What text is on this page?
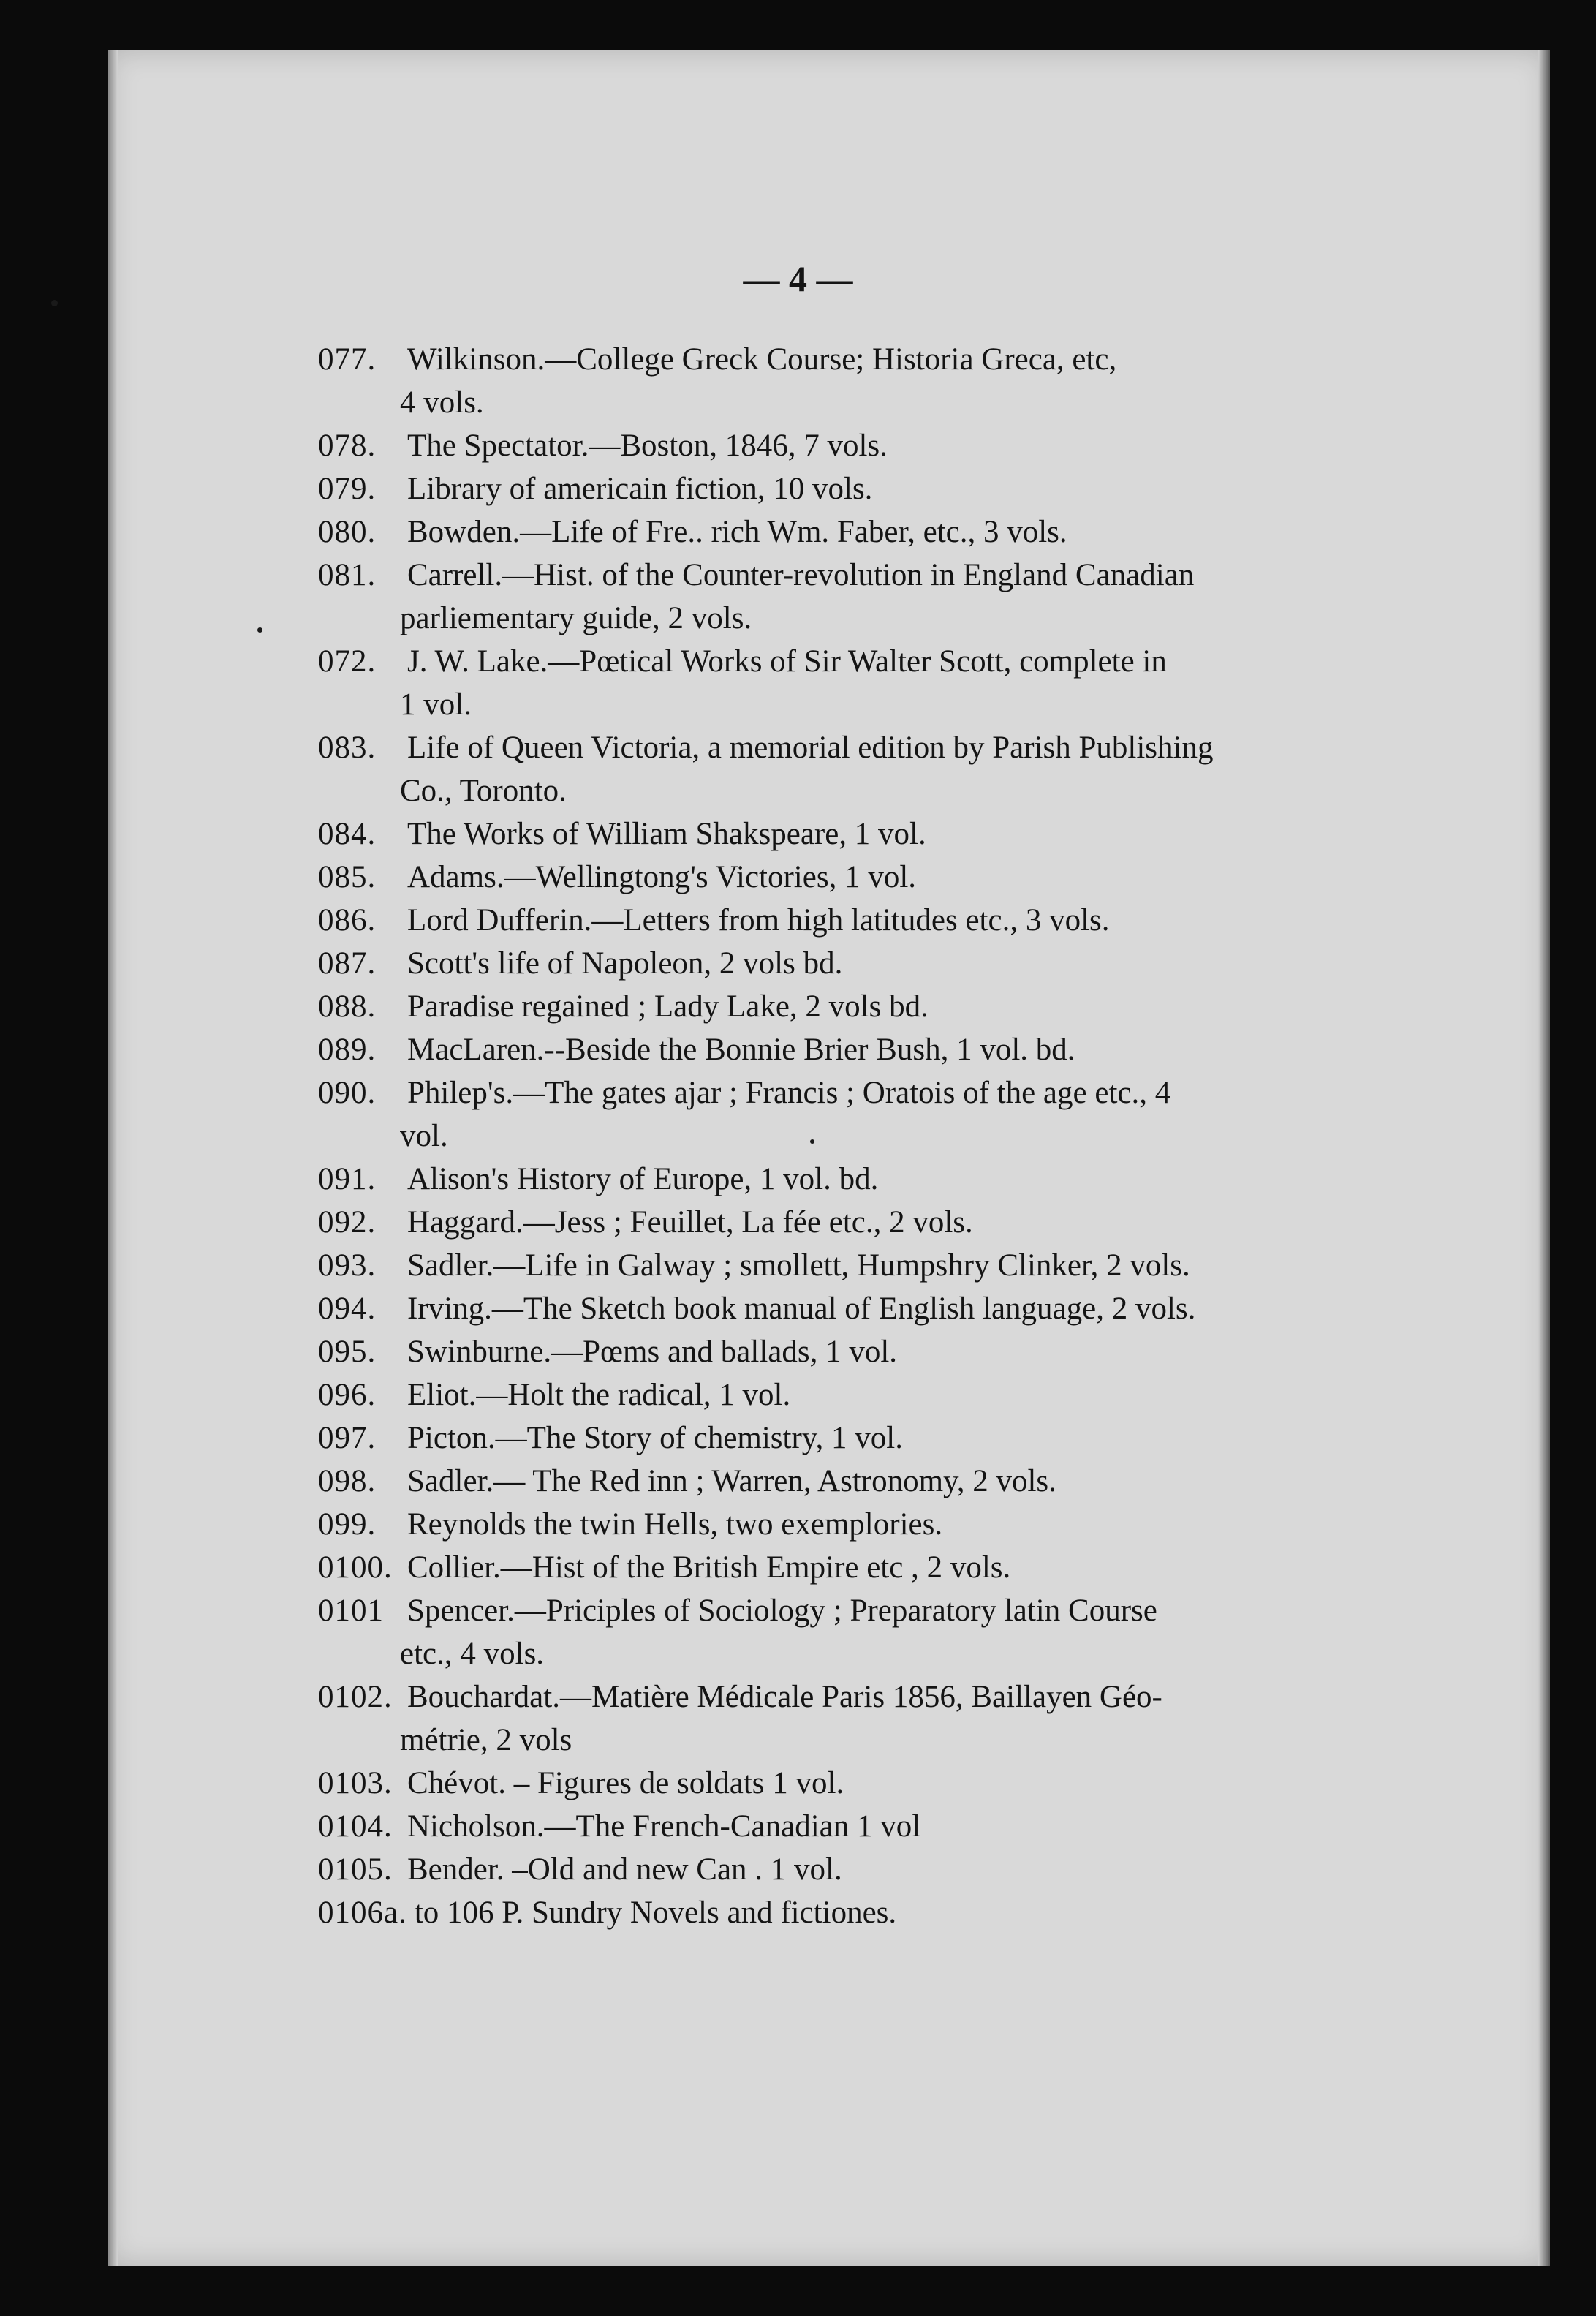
— 4 —
077. Wilkinson.—College Greck Course; Historia Greca, etc,
4 vols.
078. The Spectator.—Boston, 1846, 7 vols.
079. Library of americain fiction, 10 vols.
080. Bowden.—Life of Fre.. rich Wm. Faber, etc., 3 vols.
081. Carrell.—Hist. of the Counter-revolution in England Canadian
parliementary guide, 2 vols.
072. J. W. Lake.—Pœtical Works of Sir Walter Scott, complete in
1 vol.
083. Life of Queen Victoria, a memorial edition by Parish Publishing
Co., Toronto.
084. The Works of William Shakspeare, 1 vol.
085. Adams.—Wellingtong's Victories, 1 vol.
086. Lord Dufferin.—Letters from high latitudes etc., 3 vols.
087. Scott's life of Napoleon, 2 vols bd.
088. Paradise regained ; Lady Lake, 2 vols bd.
089. MacLaren.--Beside the Bonnie Brier Bush, 1 vol. bd.
090. Philep's.—The gates ajar ; Francis ; Oratois of the age etc., 4
vol.
091. Alison's History of Europe, 1 vol. bd.
092. Haggard.—Jess ; Feuillet, La fée etc., 2 vols.
093. Sadler.—Life in Galway ; smollett, Humpshry Clinker, 2 vols.
094. Irving.—The Sketch book manual of English language, 2 vols.
095. Swinburne.—Pœms and ballads, 1 vol.
096. Eliot.—Holt the radical, 1 vol.
097. Picton.—The Story of chemistry, 1 vol.
098. Sadler.— The Red inn ; Warren, Astronomy, 2 vols.
099. Reynolds the twin Hells, two exemplories.
0100. Collier.—Hist of the British Empire etc , 2 vols.
0101 Spencer.—Priciples of Sociology ; Preparatory latin Course
etc., 4 vols.
0102. Bouchardat.—Matière Médicale Paris 1856, Baillayen Géo-
métrie, 2 vols
0103. Chévot. – Figures de soldats 1 vol.
0104. Nicholson.—The French-Canadian 1 vol
0105. Bender. –Old and new Can . 1 vol.
0106a. to 106 P. Sundry Novels and fictiones.
